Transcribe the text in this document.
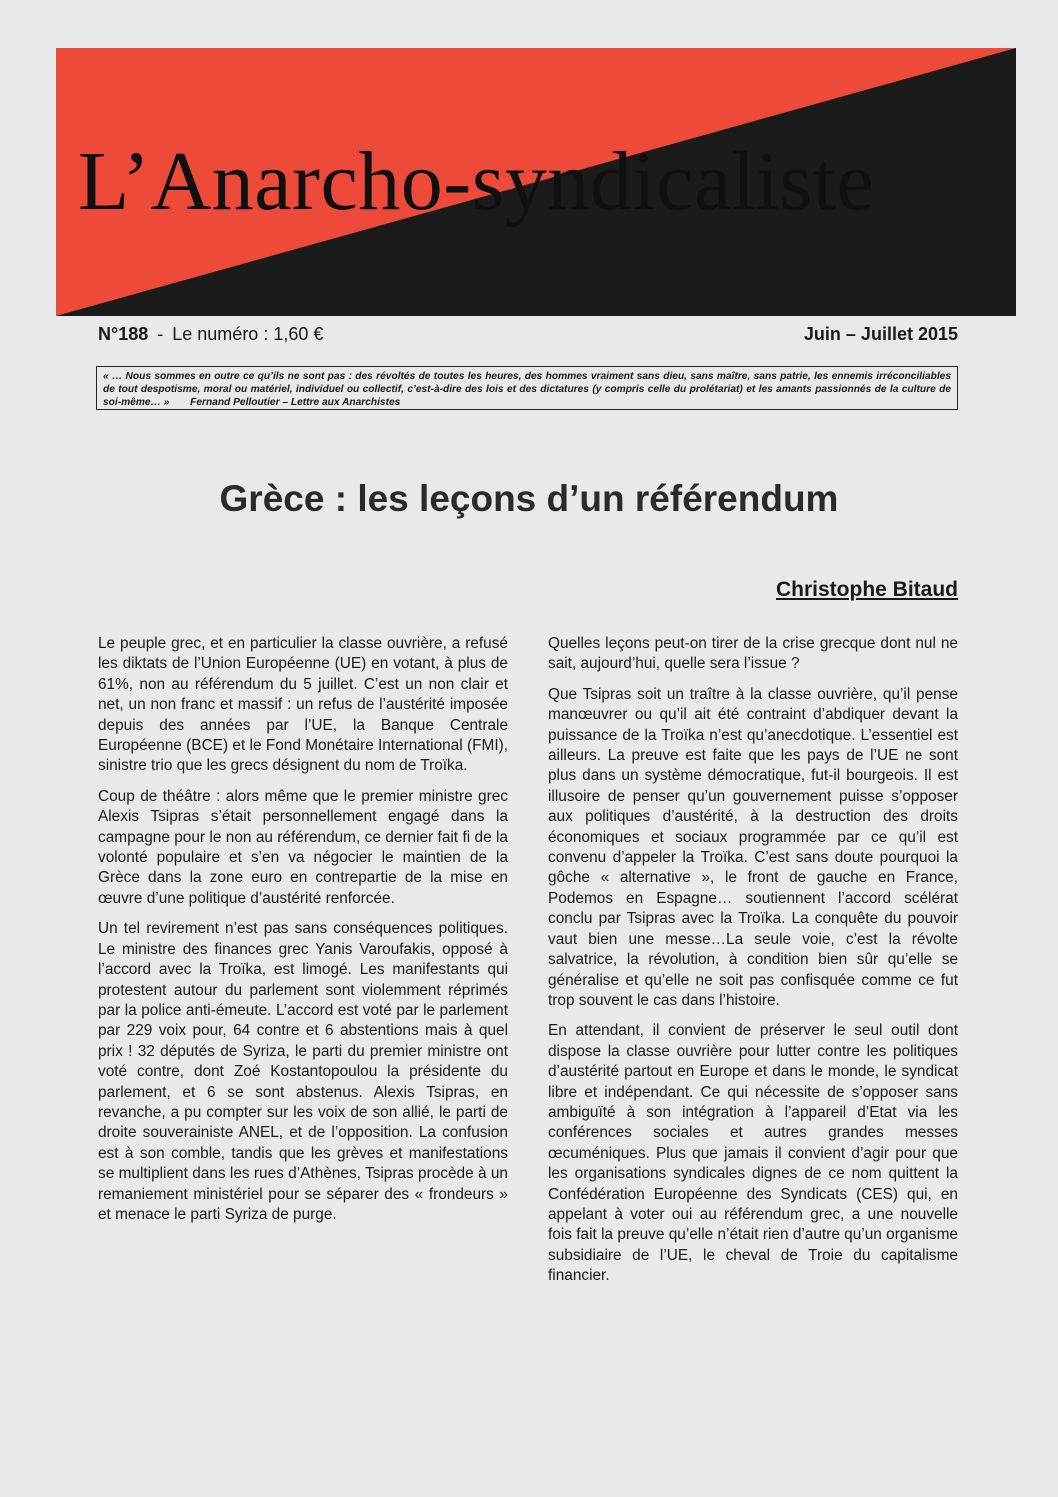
L’Anarcho-syndicaliste
N°188 - Le numéro : 1,60 €	Juin – Juillet 2015
« … Nous sommes en outre ce qu’ils ne sont pas : des révoltés de toutes les heures, des hommes vraiment sans dieu, sans maître, sans patrie, les ennemis irréconciliables de tout despotisme, moral ou matériel, individuel ou collectif, c’est-à-dire des lois et des dictatures (y compris celle du prolétariat) et les amants passionnés de la culture de soi-même… » Fernand Pelloutier – Lettre aux Anarchistes
Grèce : les leçons d’un référendum
Christophe Bitaud

Le peuple grec, et en particulier la classe ouvrière, a refusé les diktats de l’Union Européenne (UE) en votant, à plus de 61%, non au référendum du 5 juillet. C’est un non clair et net, un non franc et massif : un refus de l’austérité imposée depuis des années par l’UE, la Banque Centrale Européenne (BCE) et le Fond Monétaire International (FMI), sinistre trio que les grecs désignent du nom de Troïka.

Coup de théâtre : alors même que le premier ministre grec Alexis Tsipras s’était personnellement engagé dans la campagne pour le non au référendum, ce dernier fait fi de la volonté populaire et s’en va négocier le maintien de la Grèce dans la zone euro en contrepartie de la mise en œuvre d’une politique d’austérité renforcée.

Un tel revirement n’est pas sans conséquences politiques. Le ministre des finances grec Yanis Varoufakis, opposé à l’accord avec la Troïka, est limogé. Les manifestants qui protestent autour du parlement sont violemment réprimés par la police anti-émeute. L’accord est voté par le parlement par 229 voix pour, 64 contre et 6 abstentions mais à quel prix ! 32 députés de Syriza, le parti du premier ministre ont voté contre, dont Zoé Kostantopoulou la présidente du parlement, et 6 se sont abstenus. Alexis Tsipras, en revanche, a pu compter sur les voix de son allié, le parti de droite souverainiste ANEL, et de l’opposition. La confusion est à son comble, tandis que les grèves et manifestations se multiplient dans les rues d’Athènes, Tsipras procède à un remaniement ministériel pour se séparer des « frondeurs » et menace le parti Syriza de purge.

Quelles leçons peut-on tirer de la crise grecque dont nul ne sait, aujourd’hui, quelle sera l’issue ?

Que Tsipras soit un traître à la classe ouvrière, qu’il pense manœuvrer ou qu’il ait été contraint d’abdiquer devant la puissance de la Troïka n’est qu’anecdotique. L’essentiel est ailleurs. La preuve est faite que les pays de l’UE ne sont plus dans un système démocratique, fut-il bourgeois. Il est illusoire de penser qu’un gouvernement puisse s’opposer aux politiques d’austérité, à la destruction des droits économiques et sociaux programmée par ce qu’il est convenu d’appeler la Troïka. C’est sans doute pourquoi la gôche « alternative », le front de gauche en France, Podemos en Espagne… soutiennent l’accord scélérat conclu par Tsipras avec la Troïka. La conquête du pouvoir vaut bien une messe…La seule voie, c’est la révolte salvatrice, la révolution, à condition bien sûr qu’elle se généralise et qu’elle ne soit pas confisquée comme ce fut trop souvent le cas dans l’histoire.

En attendant, il convient de préserver le seul outil dont dispose la classe ouvrière pour lutter contre les politiques d’austérité partout en Europe et dans le monde, le syndicat libre et indépendant. Ce qui nécessite de s’opposer sans ambiguïté à son intégration à l’appareil d’Etat via les conférences sociales et autres grandes messes œcuméniques. Plus que jamais il convient d’agir pour que les organisations syndicales dignes de ce nom quittent la Confédération Européenne des Syndicats (CES) qui, en appelant à voter oui au référendum grec, a une nouvelle fois fait la preuve qu’elle n’était rien d’autre qu’un organisme subsidiaire de l’UE, le cheval de Troie du capitalisme financier.
